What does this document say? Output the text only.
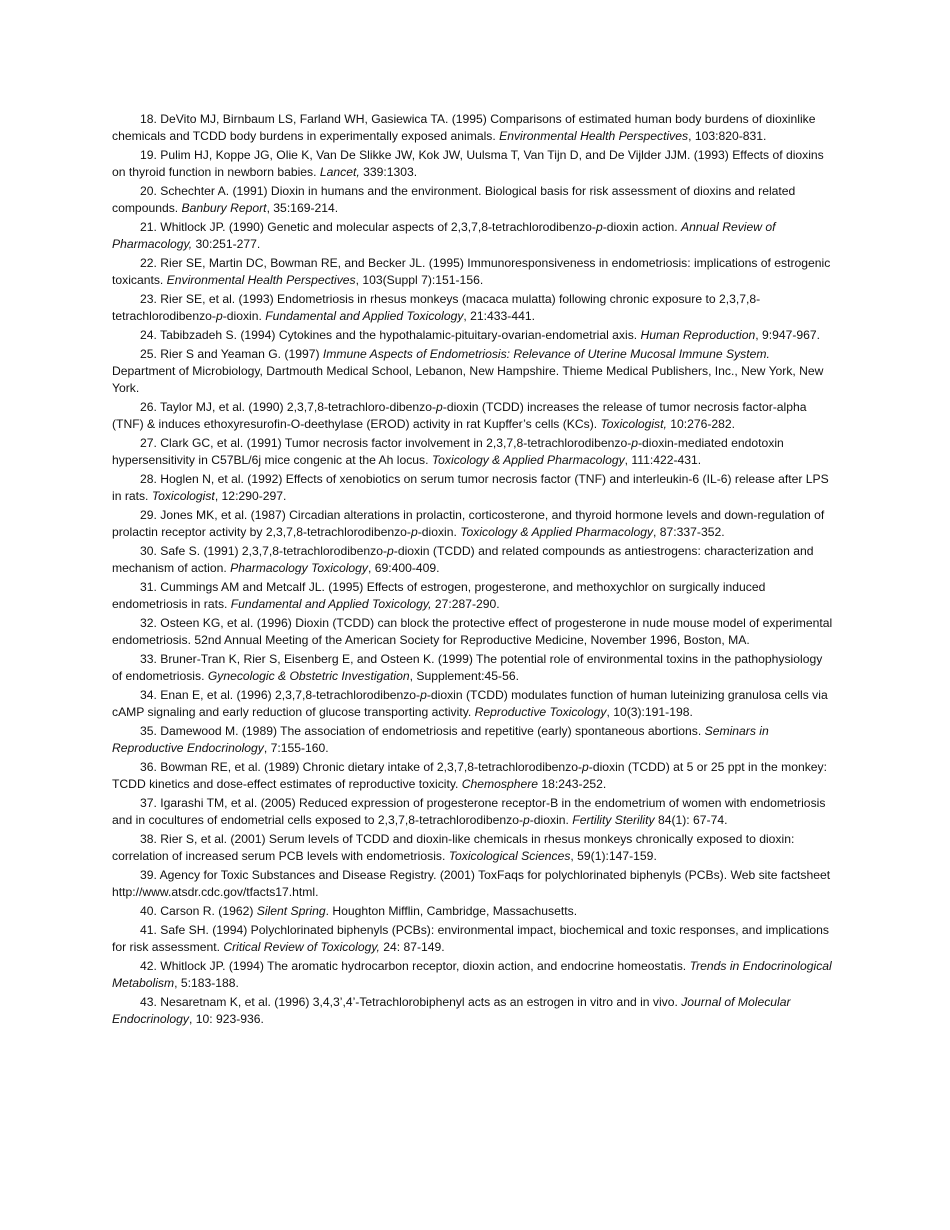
18. DeVito MJ, Birnbaum LS, Farland WH, Gasiewica TA. (1995) Comparisons of estimated human body burdens of dioxinlike chemicals and TCDD body burdens in experimentally exposed animals. Environmental Health Perspectives, 103:820-831.

19. Pulim HJ, Koppe JG, Olie K, Van De Slikke JW, Kok JW, Uulsma T, Van Tijn D, and De Vijlder JJM. (1993) Effects of dioxins on thyroid function in newborn babies. Lancet, 339:1303.

20. Schechter A. (1991) Dioxin in humans and the environment. Biological basis for risk assessment of dioxins and related compounds. Banbury Report, 35:169-214.

21. Whitlock JP. (1990) Genetic and molecular aspects of 2,3,7,8-tetrachlorodibenzo-p-dioxin action. Annual Review of Pharmacology, 30:251-277.

22. Rier SE, Martin DC, Bowman RE, and Becker JL. (1995) Immunoresponsiveness in endometriosis: implications of estrogenic toxicants. Environmental Health Perspectives, 103(Suppl 7):151-156.

23. Rier SE, et al. (1993) Endometriosis in rhesus monkeys (macaca mulatta) following chronic exposure to 2,3,7,8-tetrachlorodibenzo-p-dioxin. Fundamental and Applied Toxicology, 21:433-441.

24. Tabibzadeh S. (1994) Cytokines and the hypothalamic-pituitary-ovarian-endometrial axis. Human Reproduction, 9:947-967.

25. Rier S and Yeaman G. (1997) Immune Aspects of Endometriosis: Relevance of Uterine Mucosal Immune System. Department of Microbiology, Dartmouth Medical School, Lebanon, New Hampshire. Thieme Medical Publishers, Inc., New York, New York.

26. Taylor MJ, et al. (1990) 2,3,7,8-tetrachloro-dibenzo-p-dioxin (TCDD) increases the release of tumor necrosis factor-alpha (TNF) & induces ethoxyresurofin-O-deethylase (EROD) activity in rat Kupffer’s cells (KCs). Toxicologist, 10:276-282.

27. Clark GC, et al. (1991) Tumor necrosis factor involvement in 2,3,7,8-tetrachlorodibenzo-p-dioxin-mediated endotoxin hypersensitivity in C57BL/6j mice congenic at the Ah locus. Toxicology & Applied Pharmacology, 111:422-431.

28. Hoglen N, et al. (1992) Effects of xenobiotics on serum tumor necrosis factor (TNF) and interleukin-6 (IL-6) release after LPS in rats. Toxicologist, 12:290-297.

29. Jones MK, et al. (1987) Circadian alterations in prolactin, corticosterone, and thyroid hormone levels and down-regulation of prolactin receptor activity by 2,3,7,8-tetrachlorodibenzo-p-dioxin. Toxicology & Applied Pharmacology, 87:337-352.

30. Safe S. (1991) 2,3,7,8-tetrachlorodibenzo-p-dioxin (TCDD) and related compounds as antiestrogens: characterization and mechanism of action. Pharmacology Toxicology, 69:400-409.

31. Cummings AM and Metcalf JL. (1995) Effects of estrogen, progesterone, and methoxychlor on surgically induced endometriosis in rats. Fundamental and Applied Toxicology, 27:287-290.

32. Osteen KG, et al. (1996) Dioxin (TCDD) can block the protective effect of progesterone in nude mouse model of experimental endometriosis. 52nd Annual Meeting of the American Society for Reproductive Medicine, November 1996, Boston, MA.

33. Bruner-Tran K, Rier S, Eisenberg E, and Osteen K. (1999) The potential role of environmental toxins in the pathophysiology of endometriosis. Gynecologic & Obstetric Investigation, Supplement:45-56.

34. Enan E, et al. (1996) 2,3,7,8-tetrachlorodibenzo-p-dioxin (TCDD) modulates function of human luteinizing granulosa cells via cAMP signaling and early reduction of glucose transporting activity. Reproductive Toxicology, 10(3):191-198.

35. Damewood M. (1989) The association of endometriosis and repetitive (early) spontaneous abortions. Seminars in Reproductive Endocrinology, 7:155-160.

36. Bowman RE, et al. (1989) Chronic dietary intake of 2,3,7,8-tetrachlorodibenzo-p-dioxin (TCDD) at 5 or 25 ppt in the monkey: TCDD kinetics and dose-effect estimates of reproductive toxicity. Chemosphere 18:243-252.

37. Igarashi TM, et al. (2005) Reduced expression of progesterone receptor-B in the endometrium of women with endometriosis and in cocultures of endometrial cells exposed to 2,3,7,8-tetrachlorodibenzo-p-dioxin. Fertility Sterility 84(1): 67-74.

38. Rier S, et al. (2001) Serum levels of TCDD and dioxin-like chemicals in rhesus monkeys chronically exposed to dioxin: correlation of increased serum PCB levels with endometriosis. Toxicological Sciences, 59(1):147-159.

39. Agency for Toxic Substances and Disease Registry. (2001) ToxFaqs for polychlorinated biphenyls (PCBs). Web site factsheet http://www.atsdr.cdc.gov/tfacts17.html.

40. Carson R. (1962) Silent Spring. Houghton Mifflin, Cambridge, Massachusetts.

41. Safe SH. (1994) Polychlorinated biphenyls (PCBs): environmental impact, biochemical and toxic responses, and implications for risk assessment. Critical Review of Toxicology, 24: 87-149.

42. Whitlock JP. (1994) The aromatic hydrocarbon receptor, dioxin action, and endocrine homeostatis. Trends in Endocrinological Metabolism, 5:183-188.

43. Nesaretnam K, et al. (1996) 3,4,3’,4’-Tetrachlorobiphenyl acts as an estrogen in vitro and in vivo. Journal of Molecular Endocrinology, 10: 923-936.
